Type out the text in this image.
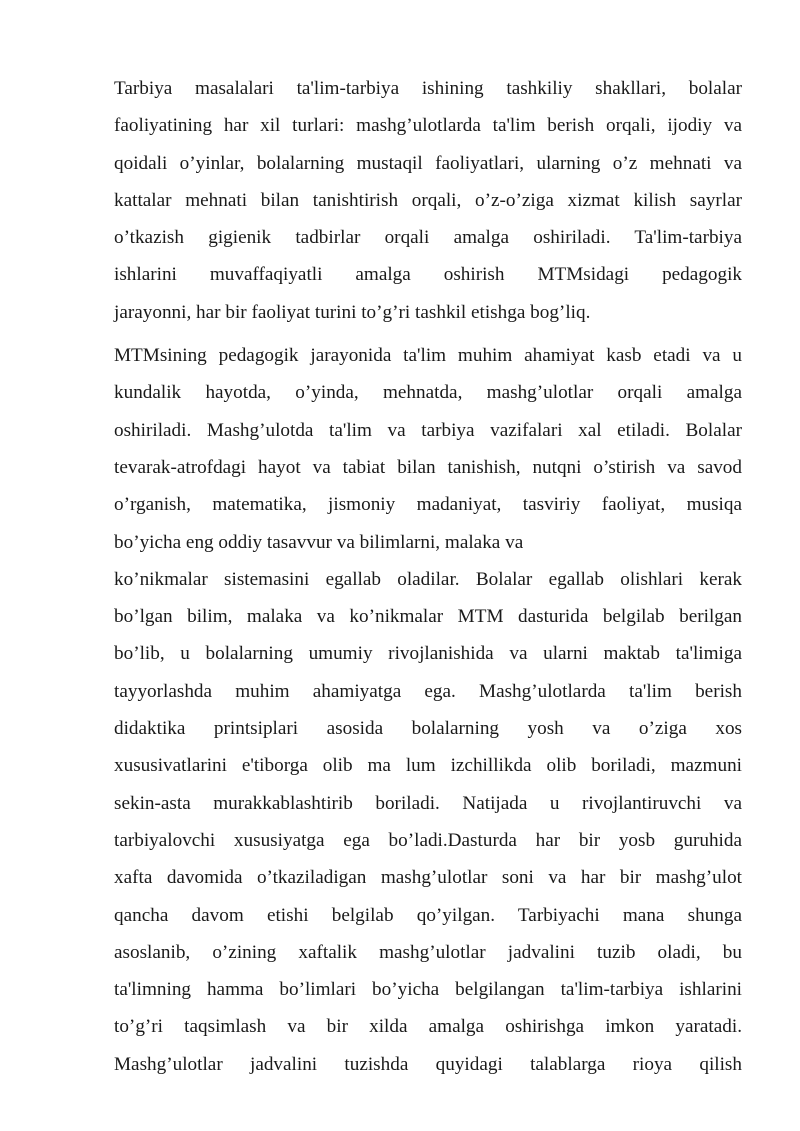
Tarbiya masalalari ta'lim-tarbiya ishining tashkiliy shakllari, bolalar
faoliyatining har xil turlari: mashg’ulotlarda ta'lim berish orqali, ijodiy va
qoidali o’yinlar, bolalarning mustaqil faoliyatlari, ularning o’z mehnati va
kattalar mehnati bilan tanishtirish orqali, o’z-o’ziga xizmat kilish sayrlar
o’tkazish gigienik tadbirlar orqali amalga oshiriladi. Ta'lim-tarbiya
ishlarini muvaffaqiyatli amalga oshirish MTMsidagi pedagogik
jarayonni, har bir faoliyat turini to’g’ri tashkil etishga bog’liq.
MTMsining pedagogik jarayonida ta'lim muhim ahamiyat kasb etadi va u
kundalik hayotda, o’yinda, mehnatda, mashg’ulotlar orqali amalga
oshiriladi. Mashg’ulotda ta'lim va tarbiya vazifalari xal etiladi. Bolalar
tevarak-atrofdagi hayot va tabiat bilan tanishish, nutqni o’stirish va savod
o’rganish, matematika, jismoniy madaniyat, tasviriy faoliyat, musiqa
bo’yicha eng oddiy tasavvur va bilimlarni, malaka va
ko’nikmalar sistemasini egallab oladilar. Bolalar egallab olishlari kerak
bo’lgan bilim, malaka va ko’nikmalar MTM dasturida belgilab berilgan
bo’lib, u bolalarning umumiy rivojlanishida va ularni maktab ta'limiga
tayyorlashda muhim ahamiyatga ega. Mashg’ulotlarda ta'lim berish
didaktika printsiplari asosida bolalarning yosh va o’ziga xos
xususivatlarini e'tiborga olib ma lum izchillikda olib boriladi, mazmuni
sekin-asta murakkablashtirib boriladi. Natijada u rivojlantiruvchi va
tarbiyalovchi xususiyatga ega bo’ladi.Dasturda har bir yosb guruhida
xafta davomida o’tkaziladigan mashg’ulotlar soni va har bir mashg’ulot
qancha davom etishi belgilab qo’yilgan. Tarbiyachi mana shunga
asoslanib, o’zining xaftalik mashg’ulotlar jadvalini tuzib oladi, bu
ta'limning hamma bo’limlari bo’yicha belgilangan ta'lim-tarbiya ishlarini
to’g’ri taqsimlash va bir xilda amalga oshirishga imkon yaratadi.
Mashg’ulotlar jadvalini tuzishda quyidagi talablarga rioya qilish
